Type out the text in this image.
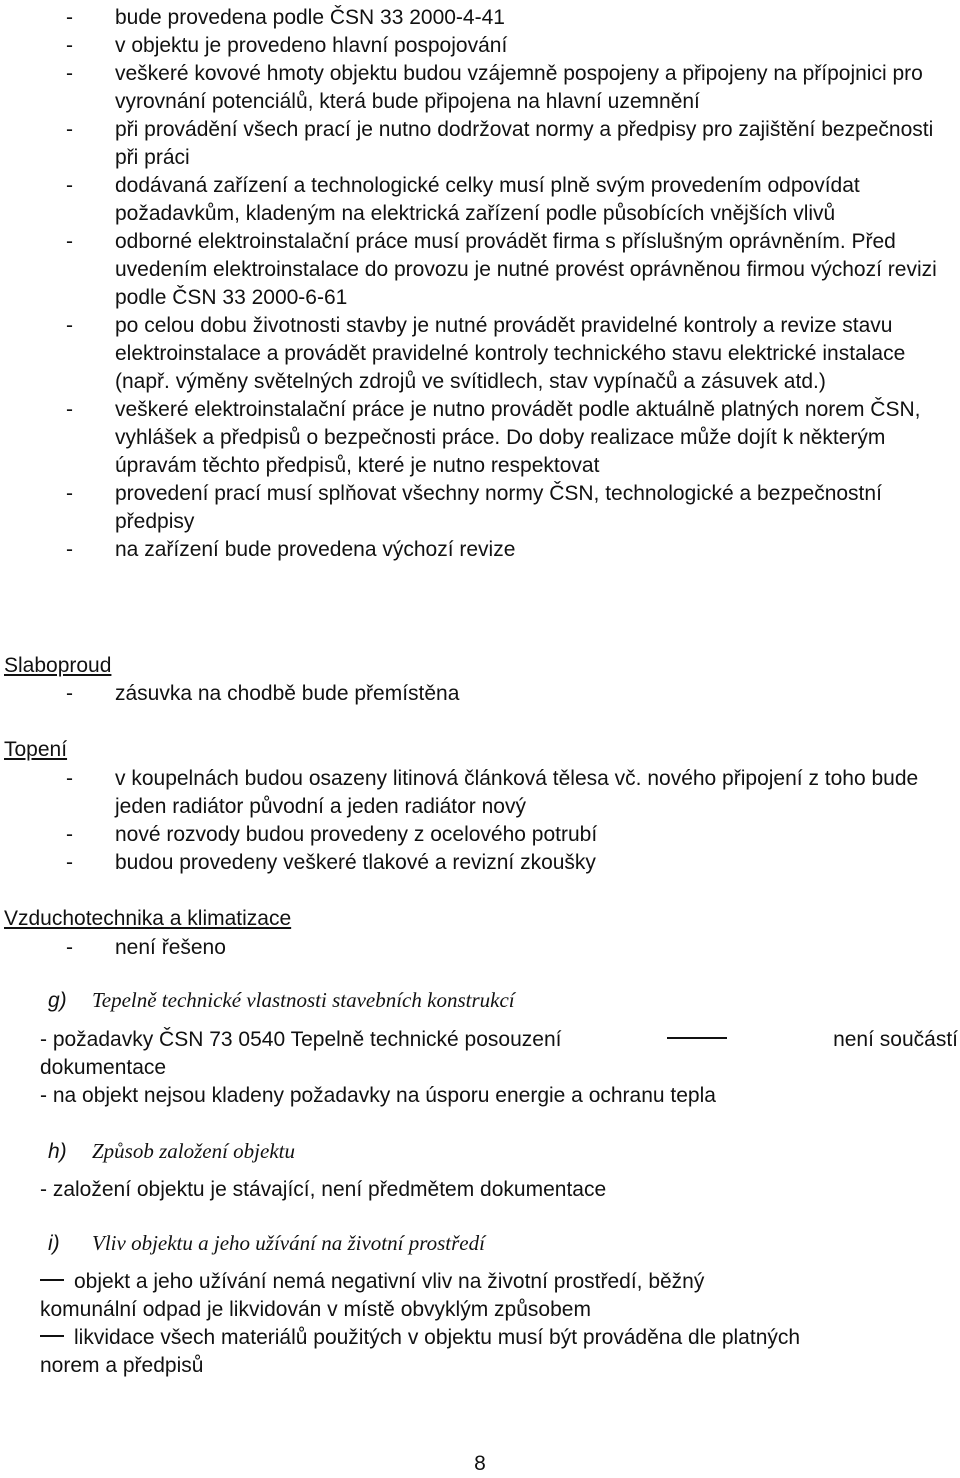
- bude provedena podle ČSN 33 2000-4-41
- v objektu je provedeno hlavní pospojování
- veškeré kovové hmoty objektu budou vzájemně pospojeny a připojeny na přípojnici pro vyrovnání potenciálů, která bude připojena na hlavní uzemnění
- při provádění všech prací je nutno dodržovat normy a předpisy pro zajištění bezpečnosti při práci
- dodávaná zařízení a technologické celky musí plně svým provedením odpovídat požadavkům, kladeným na elektrická zařízení podle působících vnějších vlivů
- odborné elektroinstalační práce musí provádět firma s příslušným oprávněním. Před uvedením elektroinstalace do provozu je nutné provést oprávněnou firmou výchozí revizi podle ČSN 33 2000-6-61
- po celou dobu životnosti stavby je nutné provádět pravidelné kontroly a revize stavu elektroinstalace a provádět pravidelné kontroly technického stavu elektrické instalace (např. výměny světelných zdrojů ve svítidlech, stav vypínačů a zásuvek atd.)
- veškeré elektroinstalační práce je nutno provádět podle aktuálně platných norem ČSN, vyhlášek a předpisů o bezpečnosti práce. Do doby realizace může dojít k některým úpravám těchto předpisů, které je nutno respektovat
- provedení prací musí splňovat všechny normy ČSN, technologické a bezpečnostní předpisy
- na zařízení bude provedena výchozí revize
Slaboproud
- zásuvka na chodbě bude přemístěna
Topení
- v koupelnách budou osazeny litinová článková tělesa vč. nového připojení z toho bude jeden radiátor původní a jeden radiátor nový
- nové rozvody budou provedeny z ocelového potrubí
- budou provedeny veškeré tlakové a revizní zkoušky
Vzduchotechnika a klimatizace
- není řešeno
g) Tepelně technické vlastnosti stavebních konstrukcí
- požadavky ČSN 73 0540 Tepelně technické posouzení	není součástí
dokumentace
- na objekt nejsou kladeny požadavky na úsporu energie a ochranu tepla
h) Způsob založení objektu
- založení objektu je stávající, není předmětem dokumentace
i) Vliv objektu a jeho užívání na životní prostředí
objekt a jeho užívání nemá negativní vliv na životní prostředí, běžný
komunální odpad je likvidován v místě obvyklým způsobem
likvidace všech materiálů použitých v objektu musí být prováděna dle platných
norem a předpisů
8
